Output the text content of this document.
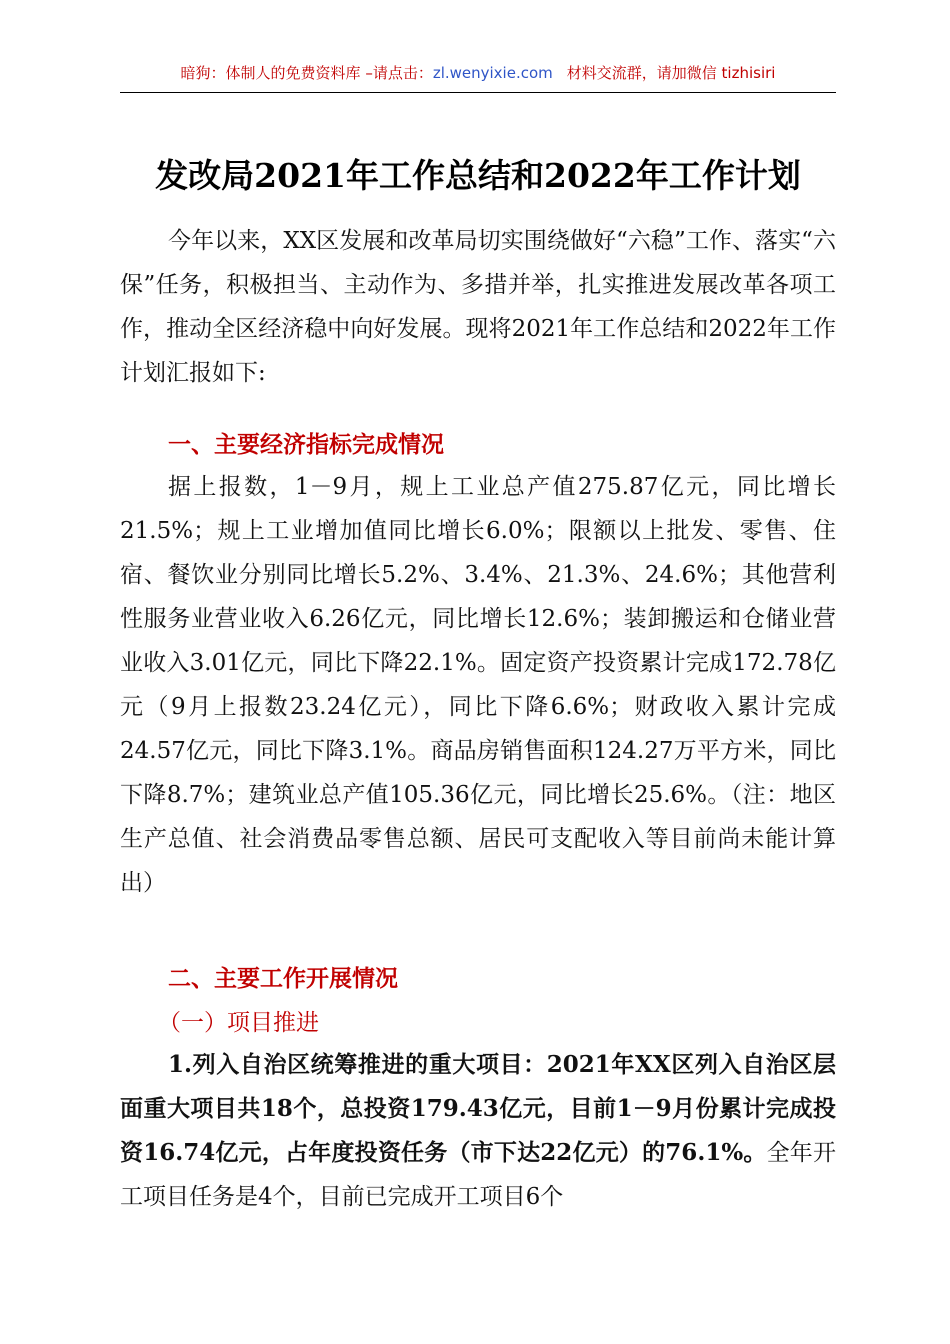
暗狗：体制人的免费资料库 –请点击：zl.wenyixie.com 材料交流群，请加微信 tizhisiri
发改局2021年工作总结和2022年工作计划

今年以来，XX区发展和改革局切实围绕做好“六稳”工作、落实“六保”任务，积极担当、主动作为、多措并举，扎实推进发展改革各项工作，推动全区经济稳中向好发展。现将2021年工作总结和2022年工作计划汇报如下:

一、主要经济指标完成情况

据上报数，1－9月，规上工业总产值275.87亿元，同比增长21.5%；规上工业增加值同比增长6.0%；限额以上批发、零售、住宿、餐饮业分别同比增长5.2%、3.4%、21.3%、24.6%；其他营利性服务业营业收入6.26亿元，同比增长12.6%；装卸搬运和仓储业营业收入3.01亿元，同比下降22.1%。固定资产投资累计完成172.78亿元（9月上报数23.24亿元），同比下降6.6%；财政收入累计完成24.57亿元，同比下降3.1%。商品房销售面积124.27万平方米，同比下降8.7%；建筑业总产值105.36亿元，同比增长25.6%。（注：地区生产总值、社会消费品零售总额、居民可支配收入等目前尚未能计算出）

二、主要工作开展情况

（一）项目推进

1.列入自治区统筹推进的重大项目：2021年XX区列入自治区层面重大项目共18个，总投资179.43亿元，目前1－9月份累计完成投资16.74亿元，占年度投资任务（市下达22亿元）的76.1%。全年开工项目任务是4个，目前已完成开工项目6个
